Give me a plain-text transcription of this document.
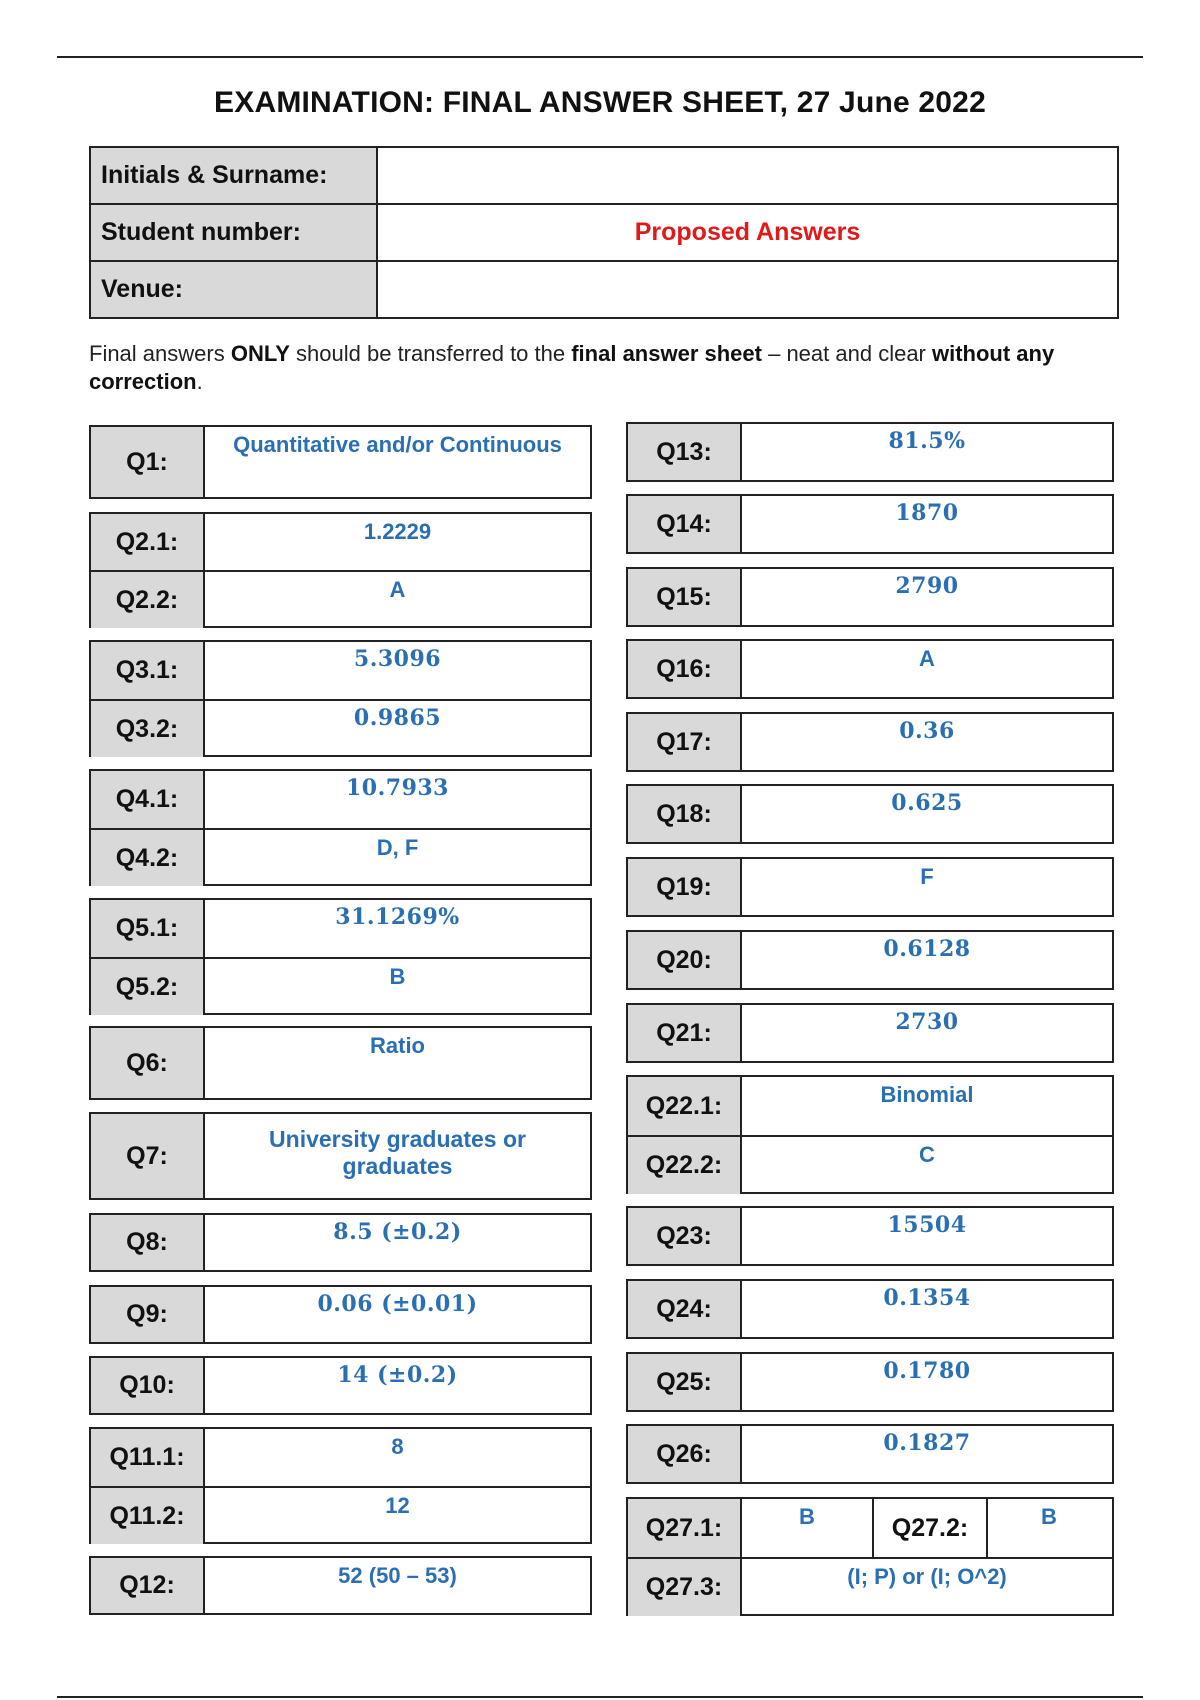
EXAMINATION: FINAL ANSWER SHEET, 27 June 2022
Initials & Surname:	
Student number:	Proposed Answers
Venue:	
Final answers ONLY should be transferred to the final answer sheet – neat and clear without any correction.
Q1:
Quantitative and/or Continuous
Q2.1:	1.2229
Q2.2:	A
Q3.1:	5.3096
Q3.2:	0.9865
Q4.1:	10.7933
Q4.2:	D, F
Q5.1:	31.1269%
Q5.2:	B
Q6:
Ratio
Q7:
University graduates or
graduates
Q8:	8.5 (±0.2)
Q9:	0.06 (±0.01)
Q10:	14 (±0.2)
Q11.1:	8
Q11.2:	12
Q12:	52 (50 – 53)
Q13:	81.5%
Q14:	1870
Q15:	2790
Q16:	A
Q17:	0.36
Q18:	0.625
Q19:	F
Q20:	0.6128
Q21:	2730
Q22.1:	Binomial
Q22.2:	C
Q23:	15504
Q24:	0.1354
Q25:	0.1780
Q26:	0.1827
Q27.1:	B	Q27.2:	B
Q27.3:	(I; P) or (I; O^2)
